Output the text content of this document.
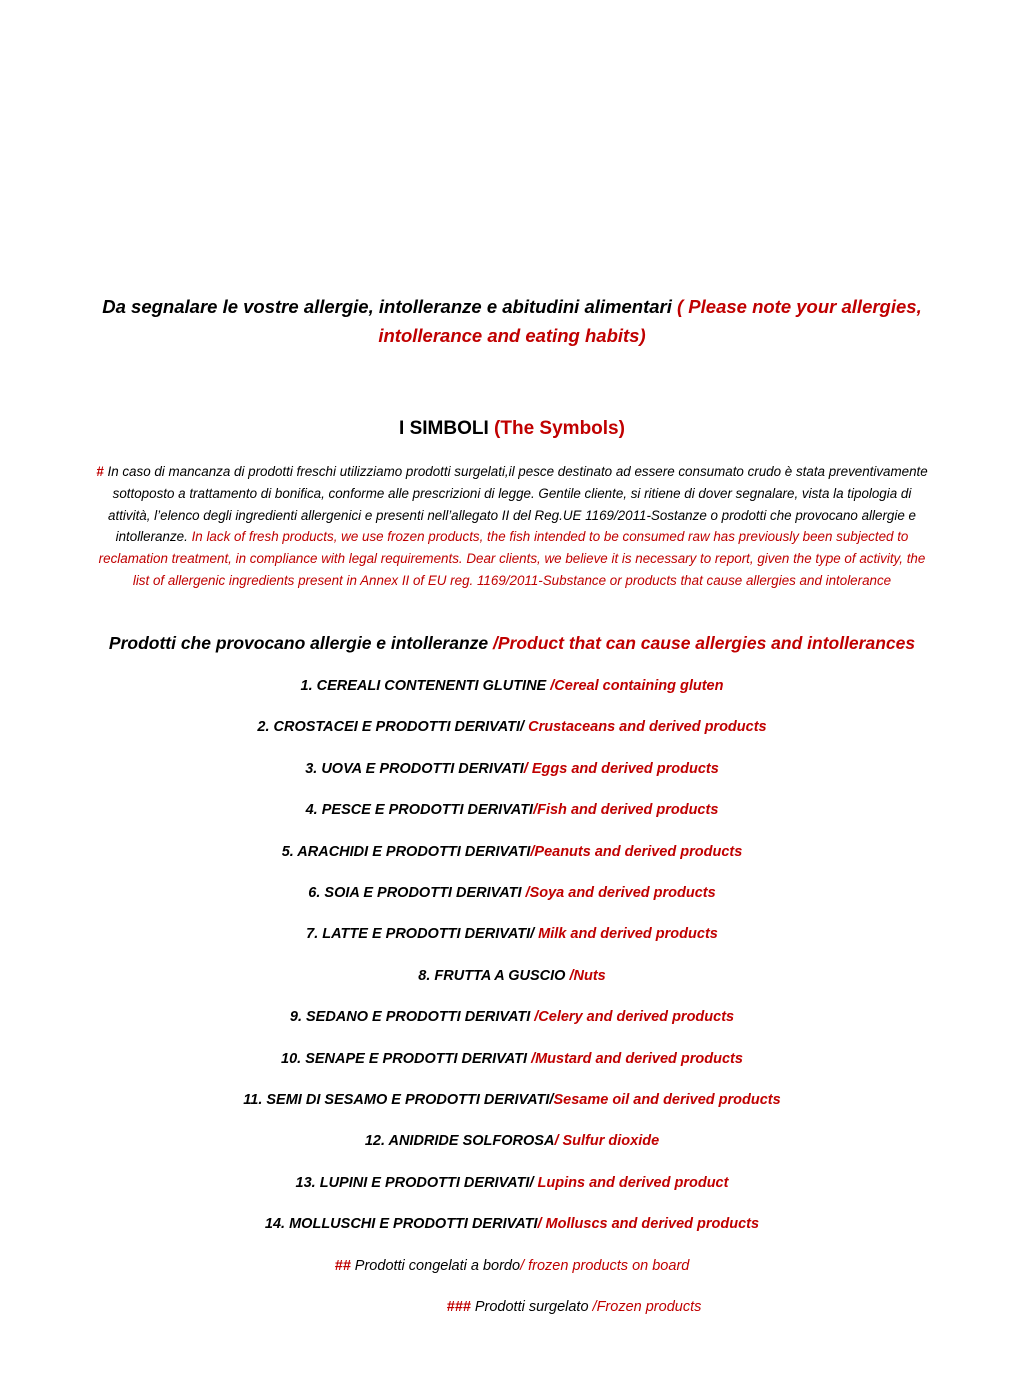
Da segnalare le vostre allergie, intolleranze e abitudini alimentari ( Please note your allergies, intollerance and eating habits)
I SIMBOLI (The Symbols)
# In caso di mancanza di prodotti freschi utilizziamo prodotti surgelati,il pesce destinato ad essere consumato crudo è stata preventivamente sottoposto a trattamento di bonifica, conforme alle prescrizioni di legge. Gentile cliente, si ritiene di dover segnalare, vista la tipologia di attività, l’elenco degli ingredienti allergenici e presenti nell’allegato II del Reg.UE 1169/2011-Sostanze o prodotti che provocano allergie e intolleranze. In lack of fresh products, we use frozen products, the fish intended to be consumed raw has previously been subjected to reclamation treatment, in compliance with legal requirements. Dear clients, we believe it is necessary to report, given the type of activity, the list of allergenic ingredients present in Annex II of EU reg. 1169/2011-Substance or products that cause allergies and intolerance
Prodotti che provocano allergie e intolleranze /Product that can cause allergies and intollerances
1. CEREALI CONTENENTI GLUTINE /Cereal containing gluten
2. CROSTACEI E PRODOTTI DERIVATI/ Crustaceans and derived products
3. UOVA E PRODOTTI DERIVATI/ Eggs and derived products
4. PESCE E PRODOTTI DERIVATI/Fish and derived products
5. ARACHIDI E PRODOTTI DERIVATI/Peanuts and derived products
6. SOIA E PRODOTTI DERIVATI /Soya and derived products
7. LATTE E PRODOTTI DERIVATI/ Milk and derived products
8. FRUTTA A GUSCIO /Nuts
9. SEDANO E PRODOTTI DERIVATI /Celery and derived products
10. SENAPE E PRODOTTI DERIVATI /Mustard and derived products
11. SEMI DI SESAMO E PRODOTTI DERIVATI/Sesame oil and derived products
12. ANIDRIDE SOLFOROSA/ Sulfur dioxide
13. LUPINI E PRODOTTI DERIVATI/ Lupins and derived product
14. MOLLUSCHI E PRODOTTI DERIVATI/ Molluscs and derived products
## Prodotti congelati a bordo/ frozen products on board
### Prodotti surgelato /Frozen products
